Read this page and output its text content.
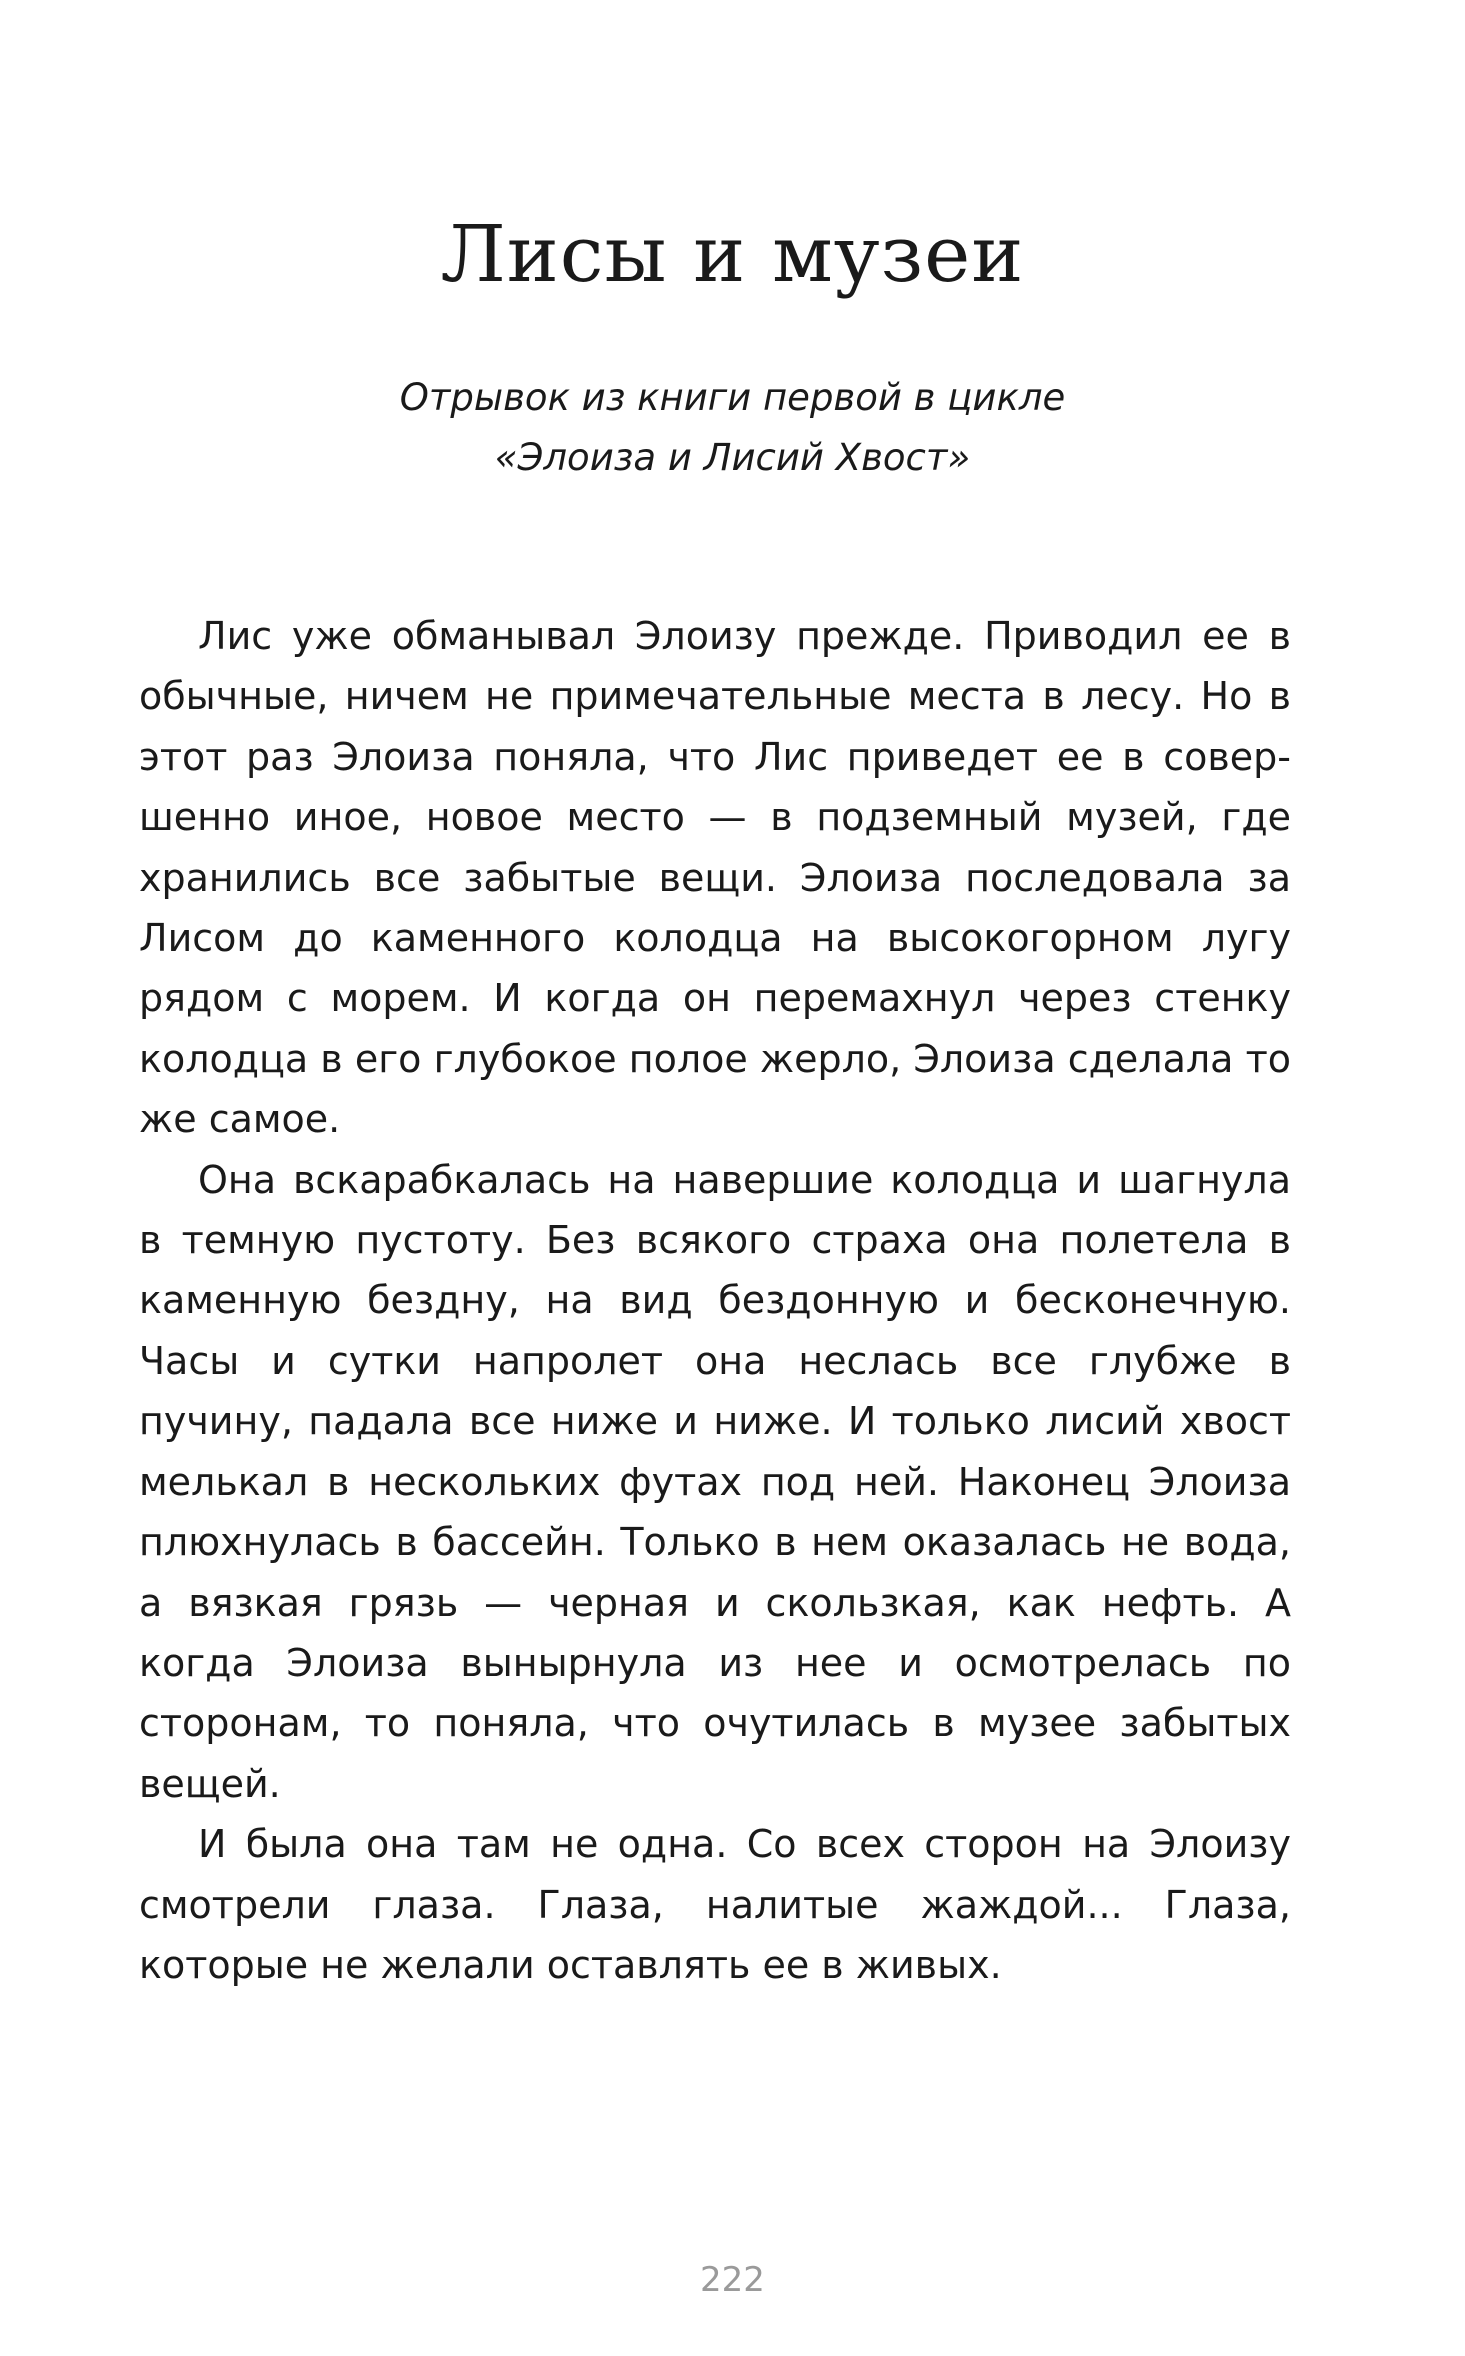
Лисы и музеи
Отрывок из книги первой в цикле
«Элоиза и Лисий Хвост»

Лис уже обманывал Элоизу прежде. Приводил ее в обычные, ничем не примечательные места в лесу. Но в этот раз Элоиза поняла, что Лис приведет ее в совершенно иное, новое место — в подземный музей, где хранились все забытые вещи. Элоиза последовала за Лисом до каменного колодца на высокогорном лугу рядом с морем. И когда он перемахнул через стенку колодца в его глубокое полое жерло, Элоиза сделала то же самое.

Она вскарабкалась на навершие колодца и шагнула в темную пустоту. Без всякого страха она полетела в каменную бездну, на вид бездонную и бесконечную. Часы и сутки напролет она неслась все глубже в пучину, падала все ниже и ниже. И только лисий хвост мелькал в нескольких футах под ней. Наконец Элоиза плюхнулась в бассейн. Только в нем оказалась не вода, а вязкая грязь — черная и скользкая, как нефть. А когда Элоиза вынырнула из нее и осмотрелась по сторонам, то поняла, что очутилась в музее забытых вещей.

И была она там не одна. Со всех сторон на Элоизу смотрели глаза. Глаза, налитые жаждой... Глаза, которые не желали оставлять ее в живых.

222
